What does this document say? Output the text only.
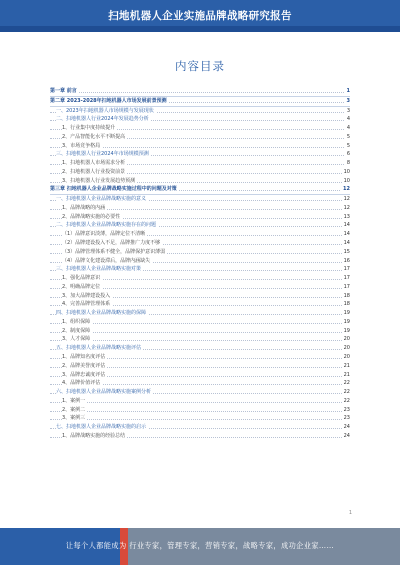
扫地机器人企业实施品牌战略研究报告
内容目录
第一章 前言	1
第二章 2023-2028年扫地机器人市场发展前景预测	3
一、2023年扫地机器人市场规模与发展现状	3
二、扫地机器人行业2024年发展趋势分析	4
1、行业集中度持续提升	4
2、产品智能化水平不断提高	5
3、市场竞争格局	5
三、扫地机器人行业2024年市场规模预测	6
1、扫地机器人市场需求分析	8
2、扫地机器人行业投资前景	10
3、扫地机器人行业发展趋势预测	10
第三章 扫地机器人企业品牌战略实施过程中的问题及对策	12
一、扫地机器人企业品牌战略实施的意义	12
1、品牌战略的内涵	12
2、品牌战略实施的必要性	13
二、扫地机器人企业品牌战略实施存在的问题	14
（1）品牌意识淡薄，品牌定位不清晰	14
（2）品牌建设投入不足，品牌推广力度不够	14
（3）品牌管理体系不健全，品牌保护意识薄弱	15
（4）品牌文化建设滞后，品牌内涵缺失	16
三、扫地机器人企业品牌战略实施对策	17
1、强化品牌意识	17
2、明确品牌定位	17
3、加大品牌建设投入	18
4、完善品牌管理体系	18
四、扫地机器人企业品牌战略实施的保障	19
1、组织保障	19
2、制度保障	19
3、人才保障	20
五、扫地机器人企业品牌战略实施评估	20
1、品牌知名度评估	20
2、品牌美誉度评估	21
3、品牌忠诚度评估	21
4、品牌价值评估	22
六、扫地机器人企业品牌战略实施案例分析	22
1、案例一	22
2、案例二	23
3、案例三	23
七、扫地机器人企业品牌战略实施的启示	24
1、品牌战略实施的经验总结	24
1
让每个人都能成为 行业专家，管理专家，营销专家，战略专家，成功企业家……
